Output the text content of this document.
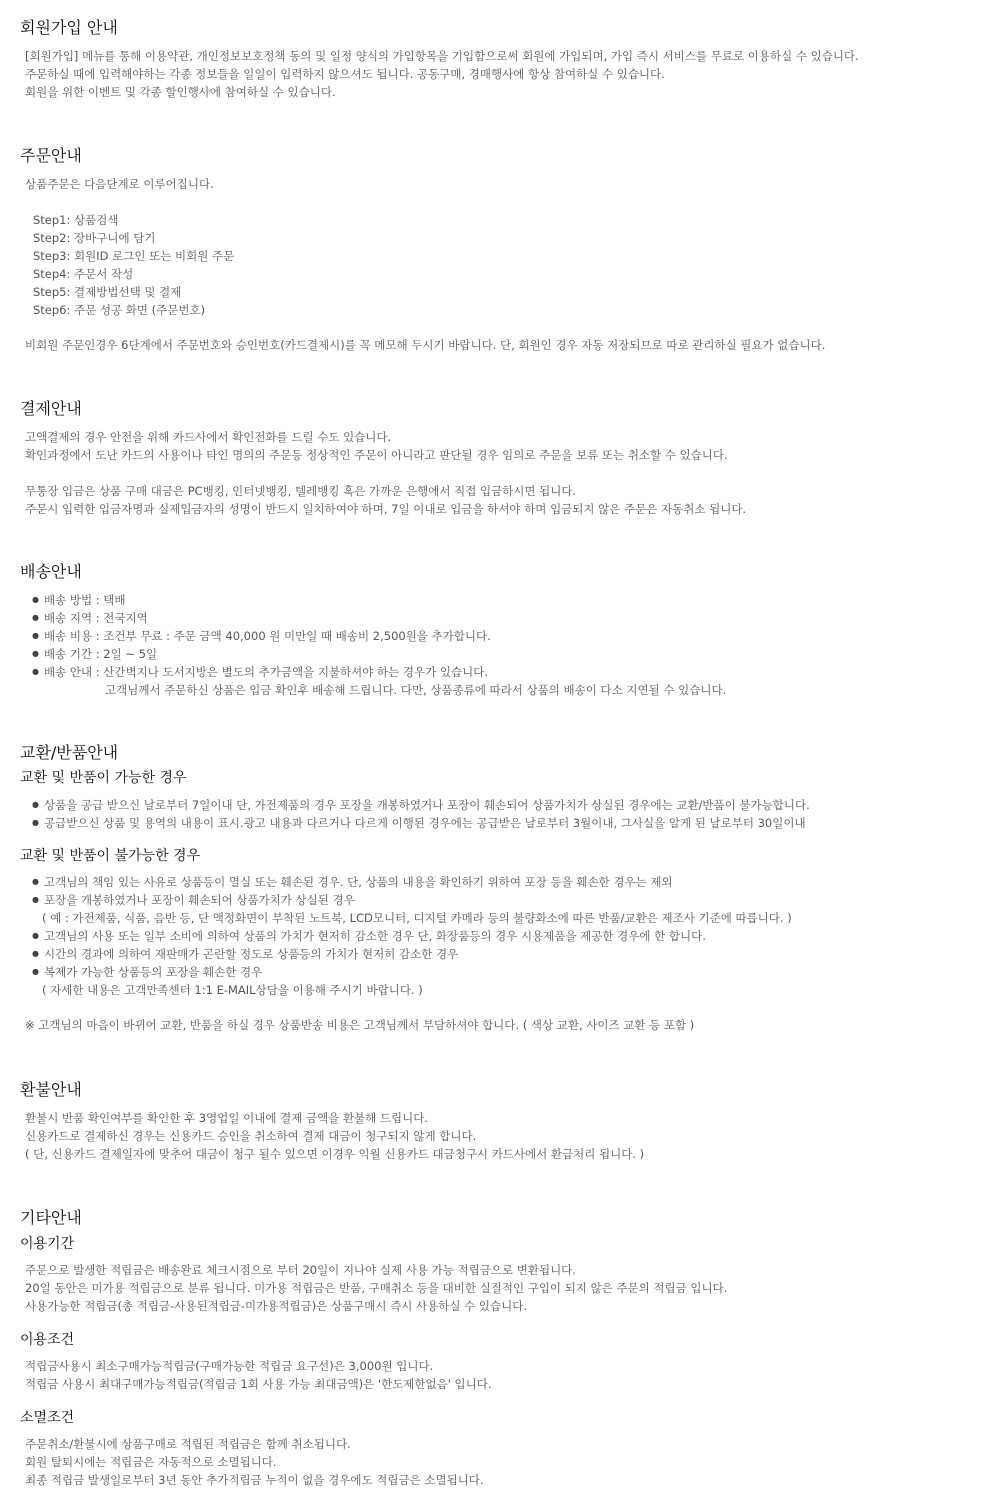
회원가입 안내
[회원가입] 메뉴를 통해 이용약관, 개인정보보호정책 동의 및 일정 양식의 가입항목을 기입함으로써 회원에 가입되며, 가입 즉시 서비스를 무료로 이용하실 수 있습니다.
주문하실 때에 입력해야하는 각종 정보들을 일일이 입력하지 않으셔도 됩니다. 공동구매, 경매행사에 항상 참여하실 수 있습니다.
회원을 위한 이벤트 및 각종 할인행사에 참여하실 수 있습니다.
주문안내
상품주문은 다음단계로 이루어집니다.
Step1: 상품검색
Step2: 장바구니에 담기
Step3: 회원ID 로그인 또는 비회원 주문
Step4: 주문서 작성
Step5: 결제방법선택 및 결제
Step6: 주문 성공 화면 (주문번호)
비회원 주문인경우 6단계에서 주문번호와 승인번호(카드결제시)를 꼭 메모해 두시기 바랍니다. 단, 회원인 경우 자동 저장되므로 따로 관리하실 필요가 없습니다.
결제안내
고액결제의 경우 안전을 위해 카드사에서 확인전화를 드릴 수도 있습니다.
확인과정에서 도난 카드의 사용이나 타인 명의의 주문등 정상적인 주문이 아니라고 판단될 경우 임의로 주문을 보류 또는 취소할 수 있습니다.
무통장 입금은 상품 구매 대금은 PC뱅킹, 인터넷뱅킹, 텔레뱅킹 혹은 가까운 은행에서 직접 입금하시면 됩니다.
주문시 입력한 입금자명과 실제입금자의 성명이 반드시 일치하여야 하며, 7일 이내로 입금을 하셔야 하며 입금되지 않은 주문은 자동취소 됩니다.
배송안내
● 배송 방법 : 택배
● 배송 지역 : 전국지역
● 배송 비용 : 조건부 무료 : 주문 금액 40,000 원 미만일 때 배송비 2,500원을 추가합니다.
● 배송 기간 : 2일 ~ 5일
● 배송 안내 : 산간벽지나 도서지방은 별도의 추가금액을 지불하셔야 하는 경우가 있습니다.
고객님께서 주문하신 상품은 입금 확인후 배송해 드립니다. 다만, 상품종류에 따라서 상품의 배송이 다소 지연될 수 있습니다.
교환/반품안내
교환 및 반품이 가능한 경우
● 상품을 공급 받으신 날로부터 7일이내 단, 가전제품의 경우 포장을 개봉하였거나 포장이 훼손되어 상품가치가 상실된 경우에는 교환/반품이 불가능합니다.
● 공급받으신 상품 및 용역의 내용이 표시.광고 내용과 다르거나 다르게 이행된 경우에는 공급받은 날로부터 3월이내, 그사실을 알게 된 날로부터 30일이내
교환 및 반품이 불가능한 경우
● 고객님의 책임 있는 사유로 상품등이 멸실 또는 훼손된 경우. 단, 상품의 내용을 확인하기 위하여 포장 등을 훼손한 경우는 제외
● 포장을 개봉하였거나 포장이 훼손되어 상품가치가 상실된 경우
( 예 : 가전제품, 식품, 음반 등, 단 액정화면이 부착된 노트북, LCD모니터, 디지털 카메라 등의 불량화소에 따른 반품/교환은 제조사 기준에 따릅니다. )
● 고객님의 사용 또는 일부 소비에 의하여 상품의 가치가 현저히 감소한 경우 단, 화장품등의 경우 시용제품을 제공한 경우에 한 합니다.
● 시간의 경과에 의하여 재판매가 곤란할 정도로 상품등의 가치가 현저히 감소한 경우
● 복제가 가능한 상품등의 포장을 훼손한 경우
( 자세한 내용은 고객만족센터 1:1 E-MAIL상담을 이용해 주시기 바랍니다. )
※ 고객님의 마음이 바뀌어 교환, 반품을 하실 경우 상품반송 비용은 고객님께서 부담하셔야 합니다. ( 색상 교환, 사이즈 교환 등 포함 )
환불안내
환불시 반품 확인여부를 확인한 후 3영업일 이내에 결제 금액을 환불해 드립니다.
신용카드로 결제하신 경우는 신용카드 승인을 취소하여 결제 대금이 청구되지 않게 합니다.
( 단, 신용카드 결제일자에 맞추어 대금이 청구 될수 있으면 이경우 익월 신용카드 대금청구시 카드사에서 환급처리 됩니다. )
기타안내
이용기간
주문으로 발생한 적립금은 배송완료 체크시점으로 부터 20일이 지나야 실제 사용 가능 적립금으로 변환됩니다.
20일 동안은 미가용 적립금으로 분류 됩니다. 미가용 적립금은 반품, 구매취소 등을 대비한 실질적인 구입이 되지 않은 주문의 적립금 입니다.
사용가능한 적립금(총 적립금-사용된적립금-미가용적립금)은 상품구매시 즉시 사용하실 수 있습니다.
이용조건
적립금사용시 최소구매가능적립금(구매가능한 적립금 요구선)은 3,000원 입니다.
적립금 사용시 최대구매가능적립금(적립금 1회 사용 가능 최대금액)은 '한도제한없음' 입니다.
소멸조건
주문취소/환불시에 상품구매로 적립된 적립금은 함께 취소됩니다.
회원 탈퇴시에는 적립금은 자동적으로 소멸됩니다.
최종 적립금 발생일로부터 3년 동안 추가적립금 누적이 없을 경우에도 적립금은 소멸됩니다.
